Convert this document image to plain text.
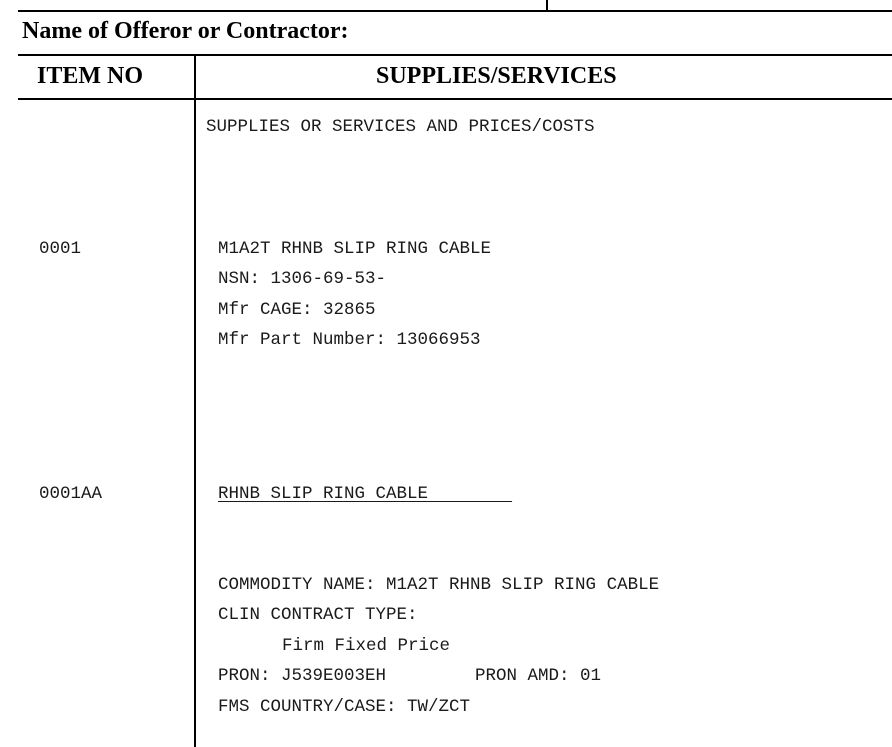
Name of Offeror or Contractor:
ITEM NO	SUPPLIES/SERVICES
SUPPLIES OR SERVICES AND PRICES/COSTS
0001	M1A2T RHNB SLIP RING CABLE
NSN: 1306-69-53-
Mfr CAGE: 32865
Mfr Part Number: 13066953
0001AA	RHNB SLIP RING CABLE
COMMODITY NAME: M1A2T RHNB SLIP RING CABLE
CLIN CONTRACT TYPE:
Firm Fixed Price
PRON: J539E003EH	PRON AMD: 01
FMS COUNTRY/CASE: TW/ZCT
